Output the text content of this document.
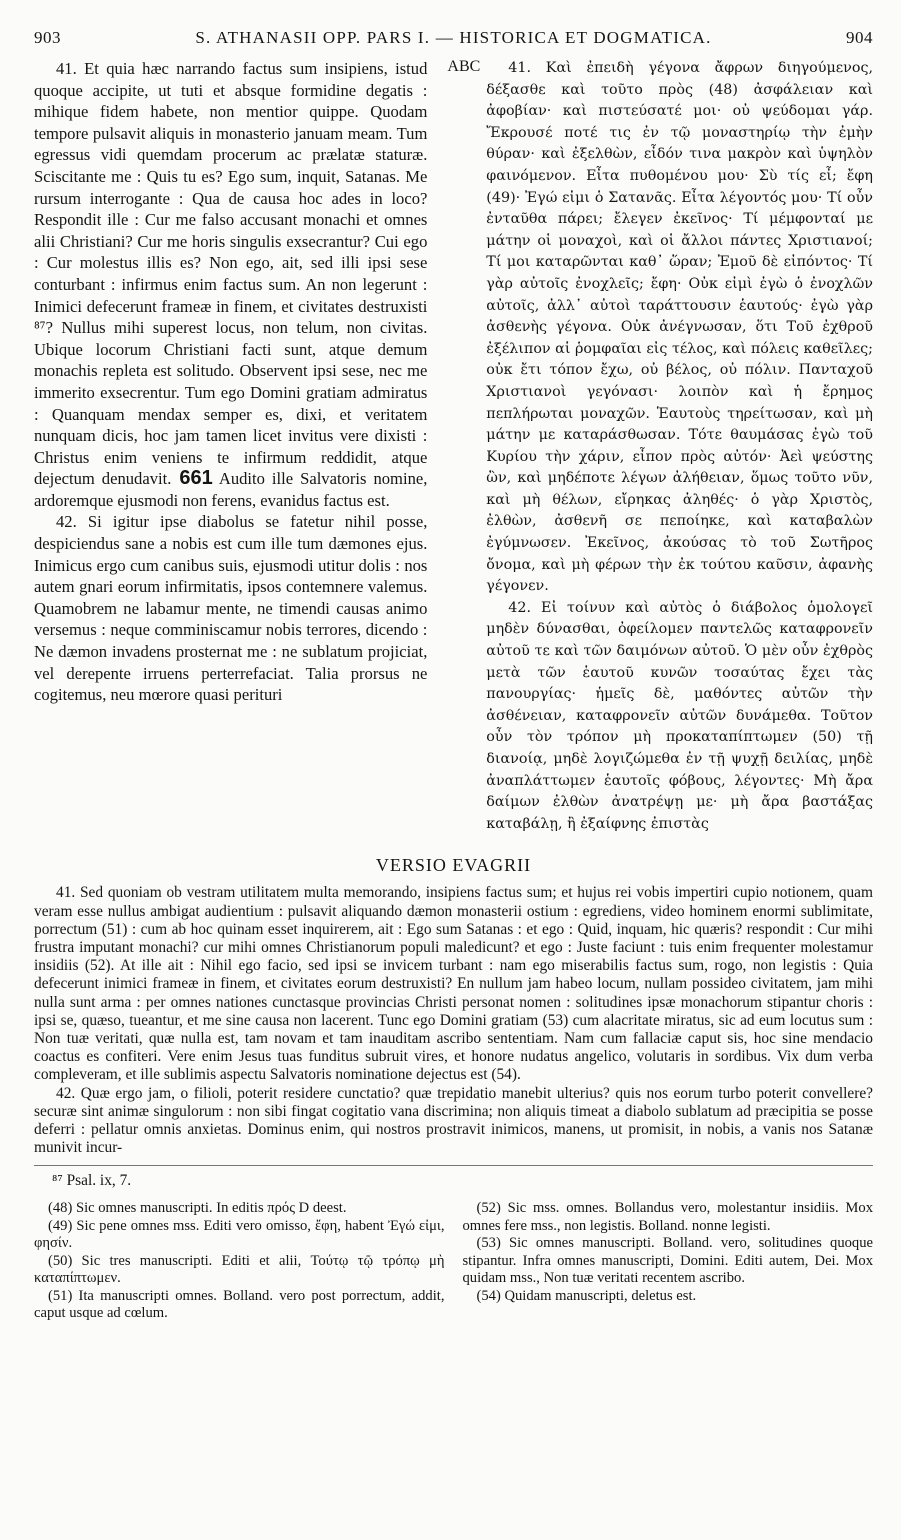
903	S. ATHANASII OPP. PARS I. — HISTORICA ET DOGMATICA.	904

41. Et quia hæc narrando factus sum insipiens, istud quoque accipite, ut tuti et absque formidine degatis : mihique fidem habete, non mentior quippe. Quodam tempore pulsavit aliquis in monasterio januam meam. Tum egressus vidi quemdam procerum ac prælatæ staturæ. Sciscitante me : Quis tu es? Ego sum, inquit, Satanas. Me rursum interrogante : Qua de causa hoc ades in loco? Respondit ille : Cur me falso accusant monachi et omnes alii Christiani? Cur me horis singulis exsecrantur? Cui ego : Cur molestus illis es? Non ego, ait, sed illi ipsi sese conturbant : infirmus enim factus sum. An non legerunt : Inimici defecerunt frameæ in finem, et civitates destruxisti ⁸⁷? Nullus mihi superest locus, non telum, non civitas. Ubique locorum Christiani facti sunt, atque demum monachis repleta est solitudo. Observent ipsi sese, nec me immerito exsecrentur. Tum ego Domini gratiam admiratus : Quanquam mendax semper es, dixi, et veritatem nunquam dicis, hoc jam tamen licet invitus vere dixisti : Christus enim veniens te infirmum reddidit, atque dejectum denudavit. 661 Audito ille Salvatoris nomine, ardoremque ejusmodi non ferens, evanidus factus est.

42. Si igitur ipse diabolus se fatetur nihil posse, despiciendus sane a nobis est cum ille tum dæmones ejus. Inimicus ergo cum canibus suis, ejusmodi utitur dolis : nos autem gnari eorum infirmitatis, ipsos contemnere valemus. Quamobrem ne labamur mente, ne timendi causas animo versemus : neque comminiscamur nobis terrores, dicendo : Ne dæmon invadens prosternat me : ne sublatum projiciat, vel derepente irruens perterrefaciat. Talia prorsus ne cogitemus, neu mœrore quasi perituri

A B C	41. Καὶ ἐπειδὴ γέγονα ἄφρων διηγούμενος, δέξασθε καὶ τοῦτο πρὸς (48) ἀσφάλειαν καὶ ἀφοβίαν· καὶ πιστεύσατέ μοι· οὐ ψεύδομαι γάρ. Ἔκρουσέ ποτέ τις ἐν τῷ μοναστηρίῳ τὴν ἐμὴν θύραν· καὶ ἐξελθὼν, εἶδόν τινα μακρὸν καὶ ὑψηλὸν φαινόμενον. Εἶτα πυθομένου μου· Σὺ τίς εἶ; ἔφη (49)· Ἐγώ εἰμι ὁ Σατανᾶς. Εἶτα λέγοντός μου· Τί οὖν ἐνταῦθα πάρει; ἔλεγεν ἐκεῖνος· Τί μέμφονταί με μάτην οἱ μοναχοὶ, καὶ οἱ ἄλλοι πάντες Χριστιανοί; Τί μοι καταρῶνται καθ᾽ ὥραν; Ἐμοῦ δὲ εἰπόντος· Τί γὰρ αὐτοῖς ἐνοχλεῖς; ἔφη· Οὐκ εἰμὶ ἐγὼ ὁ ἐνοχλῶν αὐτοῖς, ἀλλ᾽ αὐτοὶ ταράττουσιν ἑαυτούς· ἐγὼ γὰρ ἀσθενὴς γέγονα. Οὐκ ἀνέγνωσαν, ὅτι Τοῦ ἐχθροῦ ἐξέλιπον αἱ ῥομφαῖαι εἰς τέλος, καὶ πόλεις καθεῖλες; οὐκ ἔτι τόπον ἔχω, οὐ βέλος, οὐ πόλιν. Πανταχοῦ Χριστιανοὶ γεγόνασι· λοιπὸν καὶ ἡ ἔρημος πεπλήρωται μοναχῶν. Ἑαυτοὺς τηρείτωσαν, καὶ μὴ μάτην με καταράσθωσαν. Τότε θαυμάσας ἐγὼ τοῦ Κυρίου τὴν χάριν, εἶπον πρὸς αὐτόν· Ἀεὶ ψεύστης ὢν, καὶ μηδέποτε λέγων ἀλήθειαν, ὅμως τοῦτο νῦν, καὶ μὴ θέλων, εἴρηκας ἀληθές· ὁ γὰρ Χριστὸς, ἐλθὼν, ἀσθενῆ σε πεποίηκε, καὶ καταβαλὼν ἐγύμνωσεν. Ἐκεῖνος, ἀκούσας τὸ τοῦ Σωτῆρος ὄνομα, καὶ μὴ φέρων τὴν ἐκ τούτου καῦσιν, ἀφανὴς γέγονεν.

42. Εἰ τοίνυν καὶ αὐτὸς ὁ διάβολος ὁμολογεῖ μηδὲν δύνασθαι, ὀφείλομεν παντελῶς καταφρονεῖν αὐτοῦ τε καὶ τῶν δαιμόνων αὐτοῦ. Ὁ μὲν οὖν ἐχθρὸς μετὰ τῶν ἑαυτοῦ κυνῶν τοσαύτας ἔχει τὰς πανουργίας· ἡμεῖς δὲ, μαθόντες αὐτῶν τὴν ἀσθένειαν, καταφρονεῖν αὐτῶν δυνάμεθα. Τοῦτον οὖν τὸν τρόπον μὴ προκαταπίπτωμεν (50) τῇ διανοίᾳ, μηδὲ λογιζώμεθα ἐν τῇ ψυχῇ δειλίας, μηδὲ ἀναπλάττωμεν ἑαυτοῖς φόβους, λέγοντες· Μὴ ἄρα δαίμων ἐλθὼν ἀνατρέψῃ με· μὴ ἄρα βαστάξας καταβάλῃ, ἢ ἐξαίφνης ἐπιστὰς

VERSIO EVAGRII

41. Sed quoniam ob vestram utilitatem multa memorando, insipiens factus sum; et hujus rei vobis impertiri cupio notionem, quam veram esse nullus ambigat audientium : pulsavit aliquando dæmon monasterii ostium : egrediens, video hominem enormi sublimitate, porrectum (51) : cum ab hoc quinam esset inquirerem, ait : Ego sum Satanas : et ego : Quid, inquam, hic quæris? respondit : Cur mihi frustra imputant monachi? cur mihi omnes Christianorum populi maledicunt? et ego : Juste faciunt : tuis enim frequenter molestamur insidiis (52). At ille ait : Nihil ego facio, sed ipsi se invicem turbant : nam ego miserabilis factus sum, rogo, non legistis : Quia defecerunt inimici frameæ in finem, et civitates eorum destruxisti? En nullum jam habeo locum, nullam possideo civitatem, jam mihi nulla sunt arma : per omnes nationes cunctasque provincias Christi personat nomen : solitudines ipsæ monachorum stipantur choris : ipsi se, quæso, tueantur, et me sine causa non lacerent. Tunc ego Domini gratiam (53) cum alacritate miratus, sic ad eum locutus sum : Non tuæ veritati, quæ nulla est, tam novam et tam inauditam ascribo sententiam. Nam cum fallaciæ caput sis, hoc sine mendacio coactus es confiteri. Vere enim Jesus tuas funditus subruit vires, et honore nudatus angelico, volutaris in sordibus. Vix dum verba compleveram, et ille sublimis aspectu Salvatoris nominatione dejectus est (54).

42. Quæ ergo jam, o filioli, poterit residere cunctatio? quæ trepidatio manebit ulterius? quis nos eorum turbo poterit convellere? securæ sint animæ singulorum : non sibi fingat cogitatio vana discrimina; non aliquis timeat a diabolo sublatum ad præcipitia se posse deferri : pellatur omnis anxietas. Dominus enim, qui nostros prostravit inimicos, manens, ut promisit, in nobis, a vanis nos Satanæ munivit incur-

⁸⁷ Psal. ix, 7.

(48) Sic omnes manuscripti. In editis πρός D deest.

(49) Sic pene omnes mss. Editi vero omisso, ἔφη, habent Ἐγώ εἰμι, φησίν.

(50) Sic tres manuscripti. Editi et alii, Τούτῳ τῷ τρόπῳ μὴ καταπίπτωμεν.

(51) Ita manuscripti omnes. Bolland. vero post porrectum, addit, caput usque ad cœlum.

(52) Sic mss. omnes. Bollandus vero, molestantur insidiis. Mox omnes fere mss., non legistis. Bolland. nonne legisti.

(53) Sic omnes manuscripti. Bolland. vero, solitudines quoque stipantur. Infra omnes manuscripti, Domini. Editi autem, Dei. Mox quidam mss., Non tuæ veritati recentem ascribo.

(54) Quidam manuscripti, deletus est.
